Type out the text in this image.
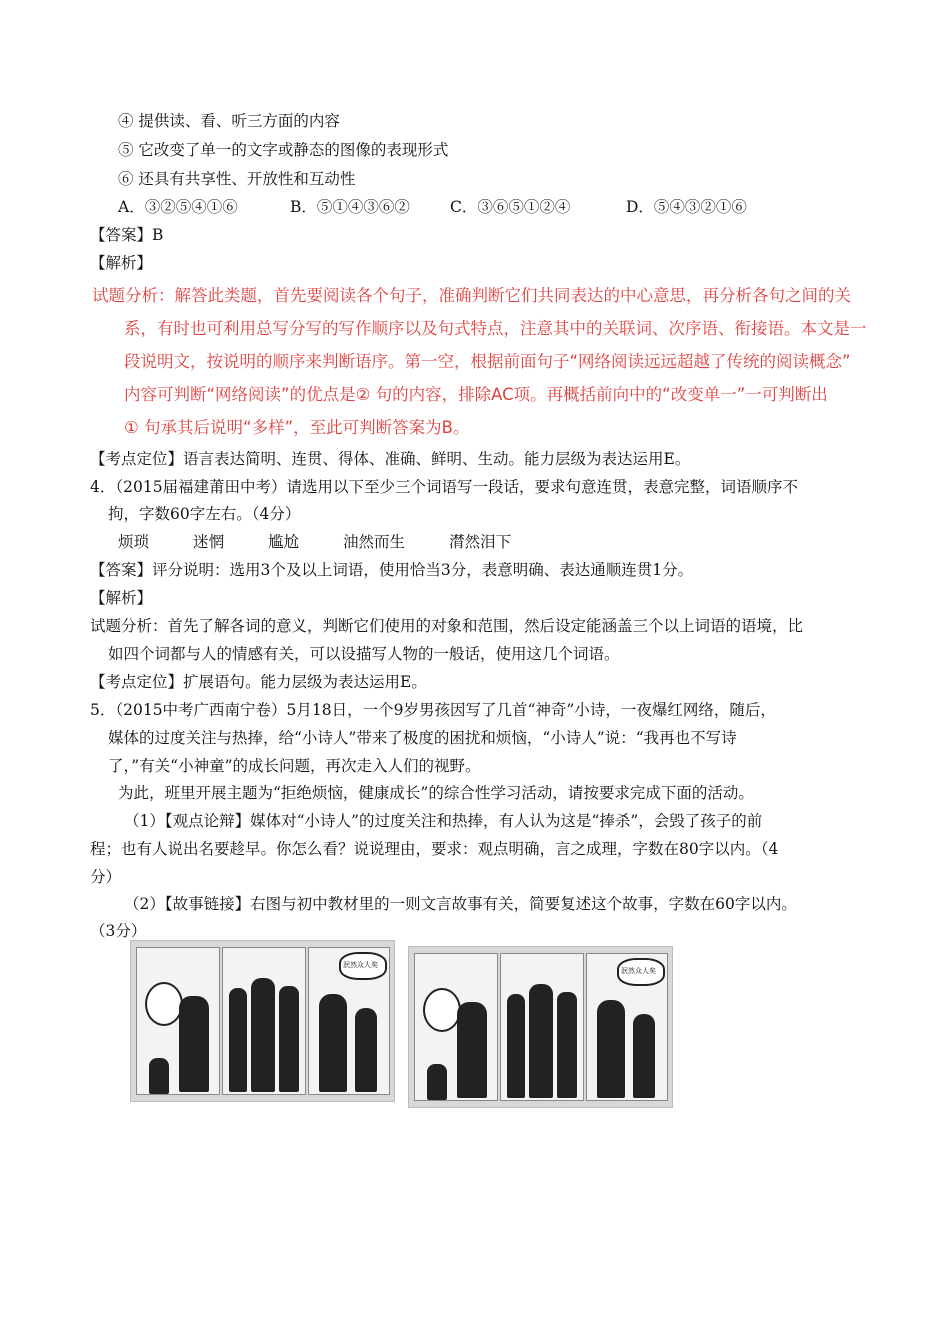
④ 提供读、看、听三方面的内容
⑤ 它改变了单一的文字或静态的图像的表现形式
⑥ 还具有共享性、开放性和互动性
A．③②⑤④①⑥	B．⑤①④③⑥②	C．③⑥⑤①②④	D．⑤④③②①⑥
【答案】B
【解析】
试题分析：解答此类题，首先要阅读各个句子，准确判断它们共同表达的中心意思，再分析各句之间的关
系，有时也可利用总写分写的写作顺序以及句式特点，注意其中的关联词、次序语、衔接语。本文是一
段说明文，按说明的顺序来判断语序。第一空，根据前面句子“网络阅读远远超越了传统的阅读概念”
内容可判断“网络阅读”的优点是② 句的内容，排除AC项。再概括前向中的“改变单一”一可判断出
① 句承其后说明“多样”，至此可判断答案为B。
【考点定位】语言表达简明、连贯、得体、准确、鲜明、生动。能力层级为表达运用E。
4．（2015届福建莆田中考）请选用以下至少三个词语写一段话，要求句意连贯，表意完整，词语顺序不
拘，字数60字左右。（4分）
烦琐	迷惘	尴尬	油然而生	潸然泪下
【答案】评分说明：选用3个及以上词语，使用恰当3分，表意明确、表达通顺连贯1分。
【解析】
试题分析：首先了解各词的意义，判断它们使用的对象和范围，然后设定能涵盖三个以上词语的语境，比
如四个词都与人的情感有关，可以设描写人物的一般话，使用这几个词语。
【考点定位】扩展语句。能力层级为表达运用E。
5．（2015中考广西南宁卷）5月18日，一个9岁男孩因写了几首“神奇”小诗，一夜爆红网络，随后，
媒体的过度关注与热捧，给“小诗人”带来了极度的困扰和烦恼，“小诗人”说：“我再也不写诗
了，”有关“小神童”的成长问题，再次走入人们的视野。
为此，班里开展主题为“拒绝烦恼，健康成长”的综合性学习活动，请按要求完成下面的活动。
（1）【观点论辩】媒体对“小诗人”的过度关注和热捧，有人认为这是“捧杀”，会毁了孩子的前
程；也有人说出名要趁早。你怎么看？说说理由，要求：观点明确，言之成理，字数在80字以内。（4
分）
（2）【故事链接】右图与初中教材里的一则文言故事有关，简要复述这个故事，字数在60字以内。
（3分）
泯然众人矣
泯然众人矣
